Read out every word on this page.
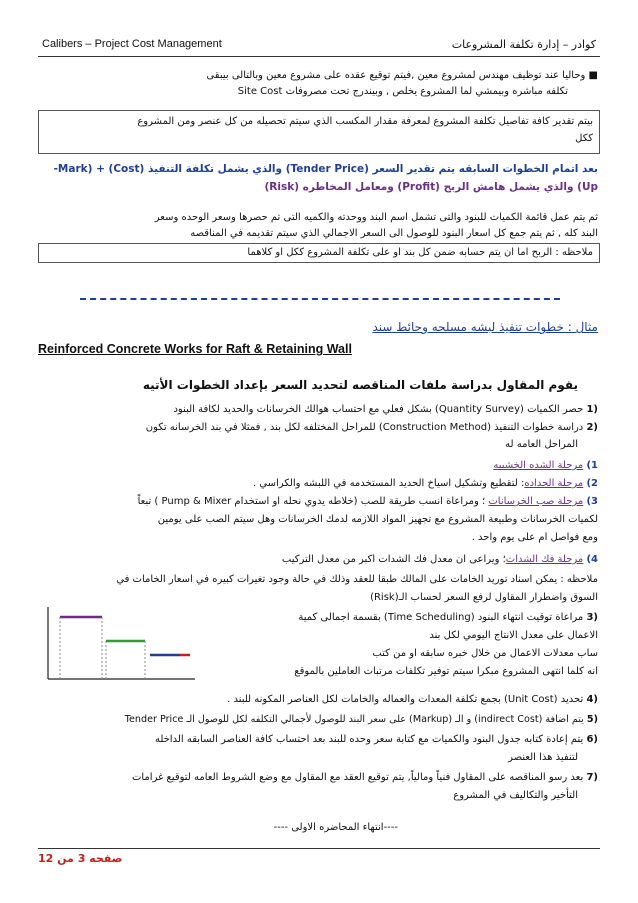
Calibers – Project Cost Management	كوادر – إدارة تكلفة المشروعات
■ وحاليا عند توظيف مهندس لمشروع معين ,فيتم توقيع عقده على مشروع معين وبالتالى بيبقى
تكلفه مباشره وبيمشي لما المشروع يخلص , وبيندرج تحت مصروفات Site Cost
بيتم تقدير كافة تفاصيل تكلفة المشروع لمعرفة مقدار المكسب الذي سيتم تحصيله من كل عنصر ومن المشروع
ككل
بعد اتمام الخطوات السابقه يتم تقدير السعر (Tender Price) والذي يشمل تكلفة التنفيذ (Cost) + (Mark-
Up) والذي يشمل هامش الربح (Profit) ومعامل المخاطره (Risk)
ثم يتم عمل قائمة الكميات للبنود والتى تشمل اسم البند ووحدته والكميه التى تم حصرها وسعر الوحده وسعر
البند كله , ثم يتم جمع كل اسعار البنود للوصول الى السعر الاجمالي الذي سيتم تقديمه في المناقصه
ملاحظه : الربح اما ان يتم حسابه ضمن كل بند او على تكلفة المشروع ككل او كلاهما
مثال : خطوات تنفيذ لبشه مسلحه وحائط سند
Reinforced Concrete Works for Raft & Retaining Wall
يقوم المقاول بدراسة ملفات المناقصه لتحديد السعر بإعداد الخطوات الأتيه
(1 حصر الكميات (Quantity Survey) بشكل فعلي مع احتساب هوالك الخرسانات والحديد لكافة البنود
(2 دراسة خطوات التنفيذ (Construction Method) للمراحل المختلفه لكل بند , فمثلا في بند الخرسانه تكون
المراحل العامه له
1) مرحلة الشده الخشبيه
2) مرحلة الحداده: لتقطيع وتشكيل اسياخ الحديد المستخدمه في اللبشه والكراسي .
3) مرحلة صب الخرسانات ؛ ومراعاة انسب طريقة للصب (خلاطه يدوي نحله او استخدام Pump & Mixer ) تبعاً
لكميات الخرسانات وطبيعة المشروع مع تجهيز المواد اللازمه لدمك الخرسانات وهل سيتم الصب على يومين
ومع فواصل ام على يوم واحد .
4) مرحلة فك الشدات؛ ويراعى ان معدل فك الشدات اكبر من معدل التركيب
ملاحظه : يمكن اسناد توريد الخامات على المالك طبقا للعقد وذلك في حالة وجود تغيرات كبيره في اسعار الخامات في
السوق واضطرار المقاول لرفع السعر لحساب الـ(Risk)
(3 مراعاة توقيت انتهاء البنود (Time Scheduling) بقسمة اجمالى كمية
الاعمال على معدل الانتاج اليومي لكل بند
ساب معدلات الاعمال من خلال خبره سابقه او من كتب
انه كلما انتهى المشروع مبكرا سيتم توفير تكلفات مرتبات العاملين بالموقع
(4 تحديد (Unit Cost) بجمع تكلفة المعدات والعماله والخامات لكل العناصر المكونه للبند .
(5 يتم اضافة (indirect Cost) و الـ (Markup) على سعر البند للوصول لأجمالي التكلفه لكل للوصول الـ Tender Price
(6 يتم إعادة كتابه جدول البنود والكميات مع كتابة سعر وحده للبند بعد احتساب كافة العناصر السابقه الداخله
لتنفيذ هذا العنصر
(7 بعد رسو المناقصه على المقاول فنياً ومالياً, يتم توقيع العقد مع المقاول مع وضع الشروط العامه لتوقيع غرامات
التأخير والتكاليف في المشروع
----انتهاء المحاضره الاولى ----
صفحه 3 من 12
